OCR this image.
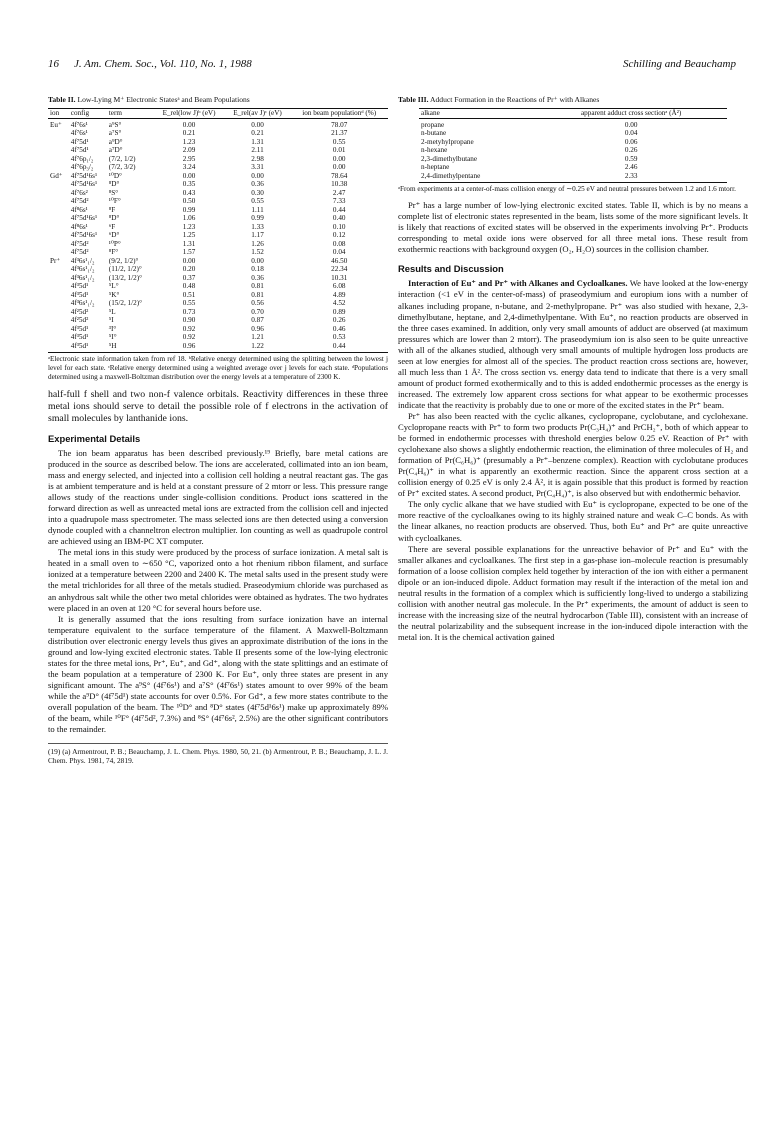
16 J. Am. Chem. Soc., Vol. 110, No. 1, 1988	Schilling and Beauchamp
Table II. Low-Lying M⁺ Electronic Statesᵃ and Beam Populations
ion	config	term	E_rel(low J)ᵇ (eV)	E_rel(av J)ᶜ (eV)	ion beam populationᵈ (%)
Eu⁺	4f⁷6s¹	a⁹S°	0.00	0.00	78.07
	4f⁷6s¹	a⁷S°	0.21	0.21	21.37
	4f⁷5d¹	a⁹D°	1.23	1.31	0.55
	4f⁷5d¹	a⁷D°	2.09	2.11	0.01
	4f⁷6p₁/₂	(7/2, 1/2)	2.95	2.98	0.00
	4f⁷6p₃/₂	(7/2, 3/2)	3.24	3.31	0.00
Gd⁺	4f⁷5d¹6s¹	¹⁰D°	0.00	0.00	78.64
	4f⁷5d¹6s¹	⁸D°	0.35	0.36	10.38
	4f⁷6s²	⁸S°	0.43	0.30	2.47
	4f⁷5d²	¹⁰F°	0.50	0.55	7.33
	4f⁸6s¹	⁸F	0.99	1.11	0.44
	4f⁷5d¹6s¹	⁸D°	1.06	0.99	0.40
	4f⁸6s¹	⁶F	1.23	1.33	0.10
	4f⁷5d¹6s¹	⁶D°	1.25	1.17	0.12
	4f⁷5d²	¹⁰P°	1.31	1.26	0.08
	4f⁷5d²	⁸F°	1.57	1.52	0.04
Pr⁺	4f³6s¹₁/₂	(9/2, 1/2)°	0.00	0.00	46.50
	4f³6s¹₁/₂	(11/2, 1/2)°	0.20	0.18	22.34
	4f³6s¹₁/₂	(13/2, 1/2)°	0.37	0.36	10.31
	4f³5d¹	⁵L°	0.48	0.81	6.08
	4f³5d¹	⁵K°	0.51	0.81	4.89
	4f³6s¹₁/₂	(15/2, 1/2)°	0.55	0.56	4.52
	4f²5d²	⁵L	0.73	0.70	0.89
	4f²5d²	⁵I	0.90	0.87	0.26
	4f³5d¹	³I°	0.92	0.96	0.46
	4f³5d¹	⁵I°	0.92	1.21	0.53
	4f³5d¹	⁵H	0.96	1.22	0.44
ᵃElectronic state information taken from ref 18. ᵇRelative energy determined using the splitting between the lowest j level for each state. ᶜRelative energy determined using a weighted average over j levels for each state. ᵈPopulations determined using a maxwell-Boltzman distribution over the energy levels at a temperature of 2300 K.

half-full f shell and two non-f valence orbitals. Reactivity differences in these three metal ions should serve to detail the possible role of f electrons in the activation of small molecules by lanthanide ions.

Experimental Details

The ion beam apparatus has been described previously.¹⁹ Briefly, bare metal cations are produced in the source as described below. The ions are accelerated, collimated into an ion beam, mass and energy selected, and injected into a collision cell holding a neutral reactant gas. The gas is at ambient temperature and is held at a constant pressure of 2 mtorr or less. This pressure range allows study of the reactions under single-collision conditions. Product ions scattered in the forward direction as well as unreacted metal ions are extracted from the collision cell and injected into a quadrupole mass spectrometer. The mass selected ions are then detected using a conversion dynode coupled with a channeltron electron multiplier. Ion counting as well as quadrupole control are achieved using an IBM-PC XT computer.

The metal ions in this study were produced by the process of surface ionization. A metal salt is heated in a small oven to ∼650 °C, vaporized onto a hot rhenium ribbon filament, and surface ionized at a temperature between 2200 and 2400 K. The metal salts used in the present study were the metal trichlorides for all three of the metals studied. Praseodymium chloride was purchased as an anhydrous salt while the other two metal chlorides were obtained as hydrates. The two hydrates were placed in an oven at 120 °C for several hours before use.

It is generally assumed that the ions resulting from surface ionization have an internal temperature equivalent to the surface temperature of the filament. A Maxwell-Boltzmann distribution over electronic energy levels thus gives an approximate distribution of the ions in the ground and low-lying excited electronic states. Table II presents some of the low-lying electronic states for the three metal ions, Pr⁺, Eu⁺, and Gd⁺, along with the state splittings and an estimate of the beam population at a temperature of 2300 K. For Eu⁺, only three states are present in any significant amount. The a⁹S° (4f⁷6s¹) and a⁷S° (4f⁷6s¹) states amount to over 99% of the beam while the a⁹D° (4f⁷5d¹) state accounts for over 0.5%. For Gd⁺, a few more states contribute to the overall population of the beam. The ¹⁰D° and ⁸D° states (4f⁷5d¹6s¹) make up approximately 89% of the beam, while ¹⁰F° (4f⁷5d², 7.3%) and ⁸S° (4f⁷6s², 2.5%) are the other significant contributors to the remainder.

(19) (a) Armentrout, P. B.; Beauchamp, J. L. Chem. Phys. 1980, 50, 21. (b) Armentrout, P. B.; Beauchamp, J. L. J. Chem. Phys. 1981, 74, 2819.
Table III. Adduct Formation in the Reactions of Pr⁺ with Alkanes
alkane	apparent adduct cross sectionᵃ (Å²)
propane	0.00
n-butane	0.04
2-metyhylpropane	0.06
n-hexane	0.26
2,3-dimethylbutane	0.59
n-heptane	2.46
2,4-dimethylpentane	2.33
ᵃFrom experiments at a center-of-mass collision energy of ∼0.25 eV and neutral pressures between 1.2 and 1.6 mtorr.

Pr⁺ has a large number of low-lying electronic excited states. Table II, which is by no means a complete list of electronic states represented in the beam, lists some of the more significant levels. It is likely that reactions of excited states will be observed in the experiments involving Pr⁺. Products corresponding to metal oxide ions were observed for all three metal ions. These result from exothermic reactions with background oxygen (O₂, H₂O) sources in the collision chamber.

Results and Discussion

Interaction of Eu⁺ and Pr⁺ with Alkanes and Cycloalkanes. We have looked at the low-energy interaction (<1 eV in the center-of-mass) of praseodymium and europium ions with a number of alkanes including propane, n-butane, and 2-methylpropane. Pr⁺ was also studied with hexane, 2,3-dimethylbutane, heptane, and 2,4-dimethylpentane. With Eu⁺, no reaction products are observed in the three cases examined. In addition, only very small amounts of adduct are observed (at maximum pressures which are lower than 2 mtorr). The praseodymium ion is also seen to be quite unreactive with all of the alkanes studied, although very small amounts of multiple hydrogen loss products are seen at low energies for almost all of the species. The product reaction cross sections are, however, all much less than 1 Å². The cross section vs. energy data tend to indicate that there is a very small amount of product formed exothermically and to this is added endothermic processes as the energy is increased. The extremely low apparent cross sections for what appear to be exothermic processes indicate that the reactivity is probably due to one or more of the excited states in the Pr⁺ beam.

Pr⁺ has also been reacted with the cyclic alkanes, cyclopropane, cyclobutane, and cyclohexane. Cyclopropane reacts with Pr⁺ to form two products Pr(C₃H₄)⁺ and PrCH₂⁺, both of which appear to be formed in endothermic processes with threshold energies below 0.25 eV. Reaction of Pr⁺ with cyclohexane also shows a slightly endothermic reaction, the elimination of three molecules of H₂ and formation of Pr(C₆H₆)⁺ (presumably a Pr⁺–benzene complex). Reaction with cyclobutane produces Pr(C₄H₆)⁺ in what is apparently an exothermic reaction. Since the apparent cross section at a collision energy of 0.25 eV is only 2.4 Å², it is again possible that this product is formed by reaction of Pr⁺ excited states. A second product, Pr(C₄H₄)⁺, is also observed but with endothermic behavior.

The only cyclic alkane that we have studied with Eu⁺ is cyclopropane, expected to be one of the more reactive of the cycloalkanes owing to its highly strained nature and weak C–C bonds. As with the linear alkanes, no reaction products are observed. Thus, both Eu⁺ and Pr⁺ are quite unreactive with cycloalkanes.

There are several possible explanations for the unreactive behavior of Pr⁺ and Eu⁺ with the smaller alkanes and cycloalkanes. The first step in a gas-phase ion–molecule reaction is presumably formation of a loose collision complex held together by interaction of the ion with either a permanent dipole or an ion-induced dipole. Adduct formation may result if the interaction of the metal ion and neutral results in the formation of a complex which is sufficiently long-lived to undergo a stabilizing collision with another neutral gas molecule. In the Pr⁺ experiments, the amount of adduct is seen to increase with the increasing size of the neutral hydrocarbon (Table III), consistent with an increase of the neutral polarizability and the subsequent increase in the ion-induced dipole interaction with the metal ion. It is the chemical activation gained
